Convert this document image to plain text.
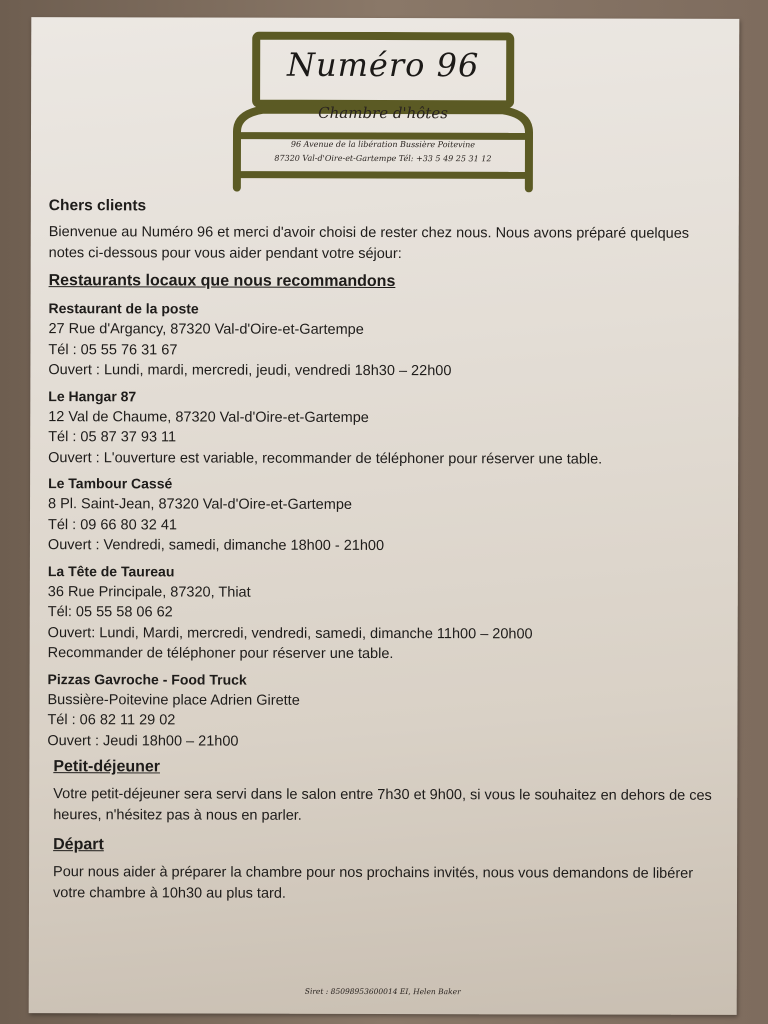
Numéro 96
Chambre d'hôtes
96 Avenue de la libération Bussière Poitevine
87320 Val-d'Oire-et-Gartempe Tél: +33 5 49 25 31 12
Chers clients
Bienvenue au Numéro 96 et merci d'avoir choisi de rester chez nous. Nous avons préparé quelques notes ci-dessous pour vous aider pendant votre séjour:
Restaurants locaux que nous recommandons
Restaurant de la poste
27 Rue d'Argancy, 87320 Val-d'Oire-et-Gartempe
Tél : 05 55 76 31 67
Ouvert : Lundi, mardi, mercredi, jeudi, vendredi 18h30 – 22h00
Le Hangar 87
12 Val de Chaume, 87320 Val-d'Oire-et-Gartempe
Tél : 05 87 37 93 11
Ouvert : L'ouverture est variable, recommander de téléphoner pour réserver une table.
Le Tambour Cassé
8 Pl. Saint-Jean, 87320 Val-d'Oire-et-Gartempe
Tél : 09 66 80 32 41
Ouvert : Vendredi, samedi, dimanche 18h00 - 21h00
La Tête de Taureau
36 Rue Principale, 87320, Thiat
Tél: 05 55 58 06 62
Ouvert: Lundi, Mardi, mercredi, vendredi, samedi, dimanche 11h00 – 20h00
Recommander de téléphoner pour réserver une table.
Pizzas Gavroche - Food Truck
Bussière-Poitevine place Adrien Girette
Tél : 06 82 11 29 02
Ouvert : Jeudi 18h00 – 21h00
Petit-déjeuner
Votre petit-déjeuner sera servi dans le salon entre 7h30 et 9h00, si vous le souhaitez en dehors de ces heures, n'hésitez pas à nous en parler.
Départ
Pour nous aider à préparer la chambre pour nos prochains invités, nous vous demandons de libérer votre chambre à 10h30 au plus tard.
Siret : 85098953600014 EI, Helen Baker
